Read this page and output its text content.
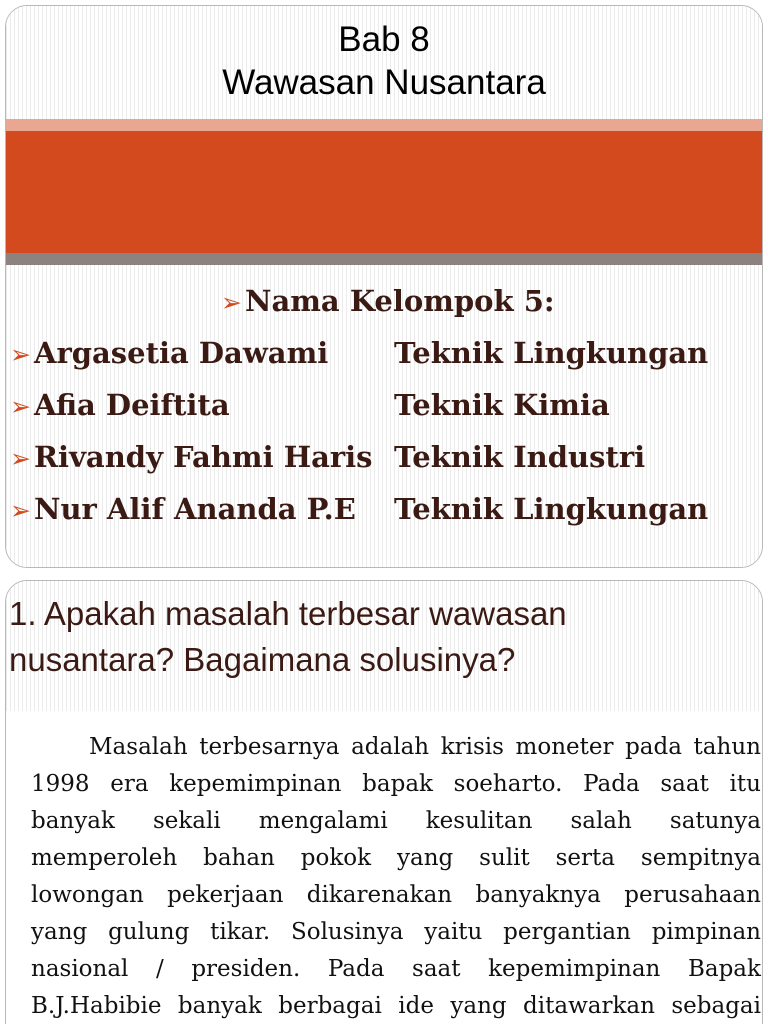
Bab 8
Wawasan Nusantara
➢ Nama Kelompok 5:
➢ Argasetia Dawami Teknik Lingkungan
➢ Afia Deiftita	Teknik Kimia
➢ Rivandy Fahmi Haris Teknik Industri
➢ Nur Alif Ananda P.E Teknik Lingkungan
1. Apakah masalah terbesar wawasan
nusantara? Bagaimana solusinya?
Masalah terbesarnya adalah krisis moneter pada tahun
1998 era kepemimpinan bapak soeharto. Pada saat itu
banyak sekali mengalami kesulitan salah satunya
memperoleh bahan pokok yang sulit serta sempitnya
lowongan pekerjaan dikarenakan banyaknya perusahaan
yang gulung tikar. Solusinya yaitu pergantian pimpinan
nasional / presiden. Pada saat kepemimpinan Bapak
B.J.Habibie banyak berbagai ide yang ditawarkan sebagai
